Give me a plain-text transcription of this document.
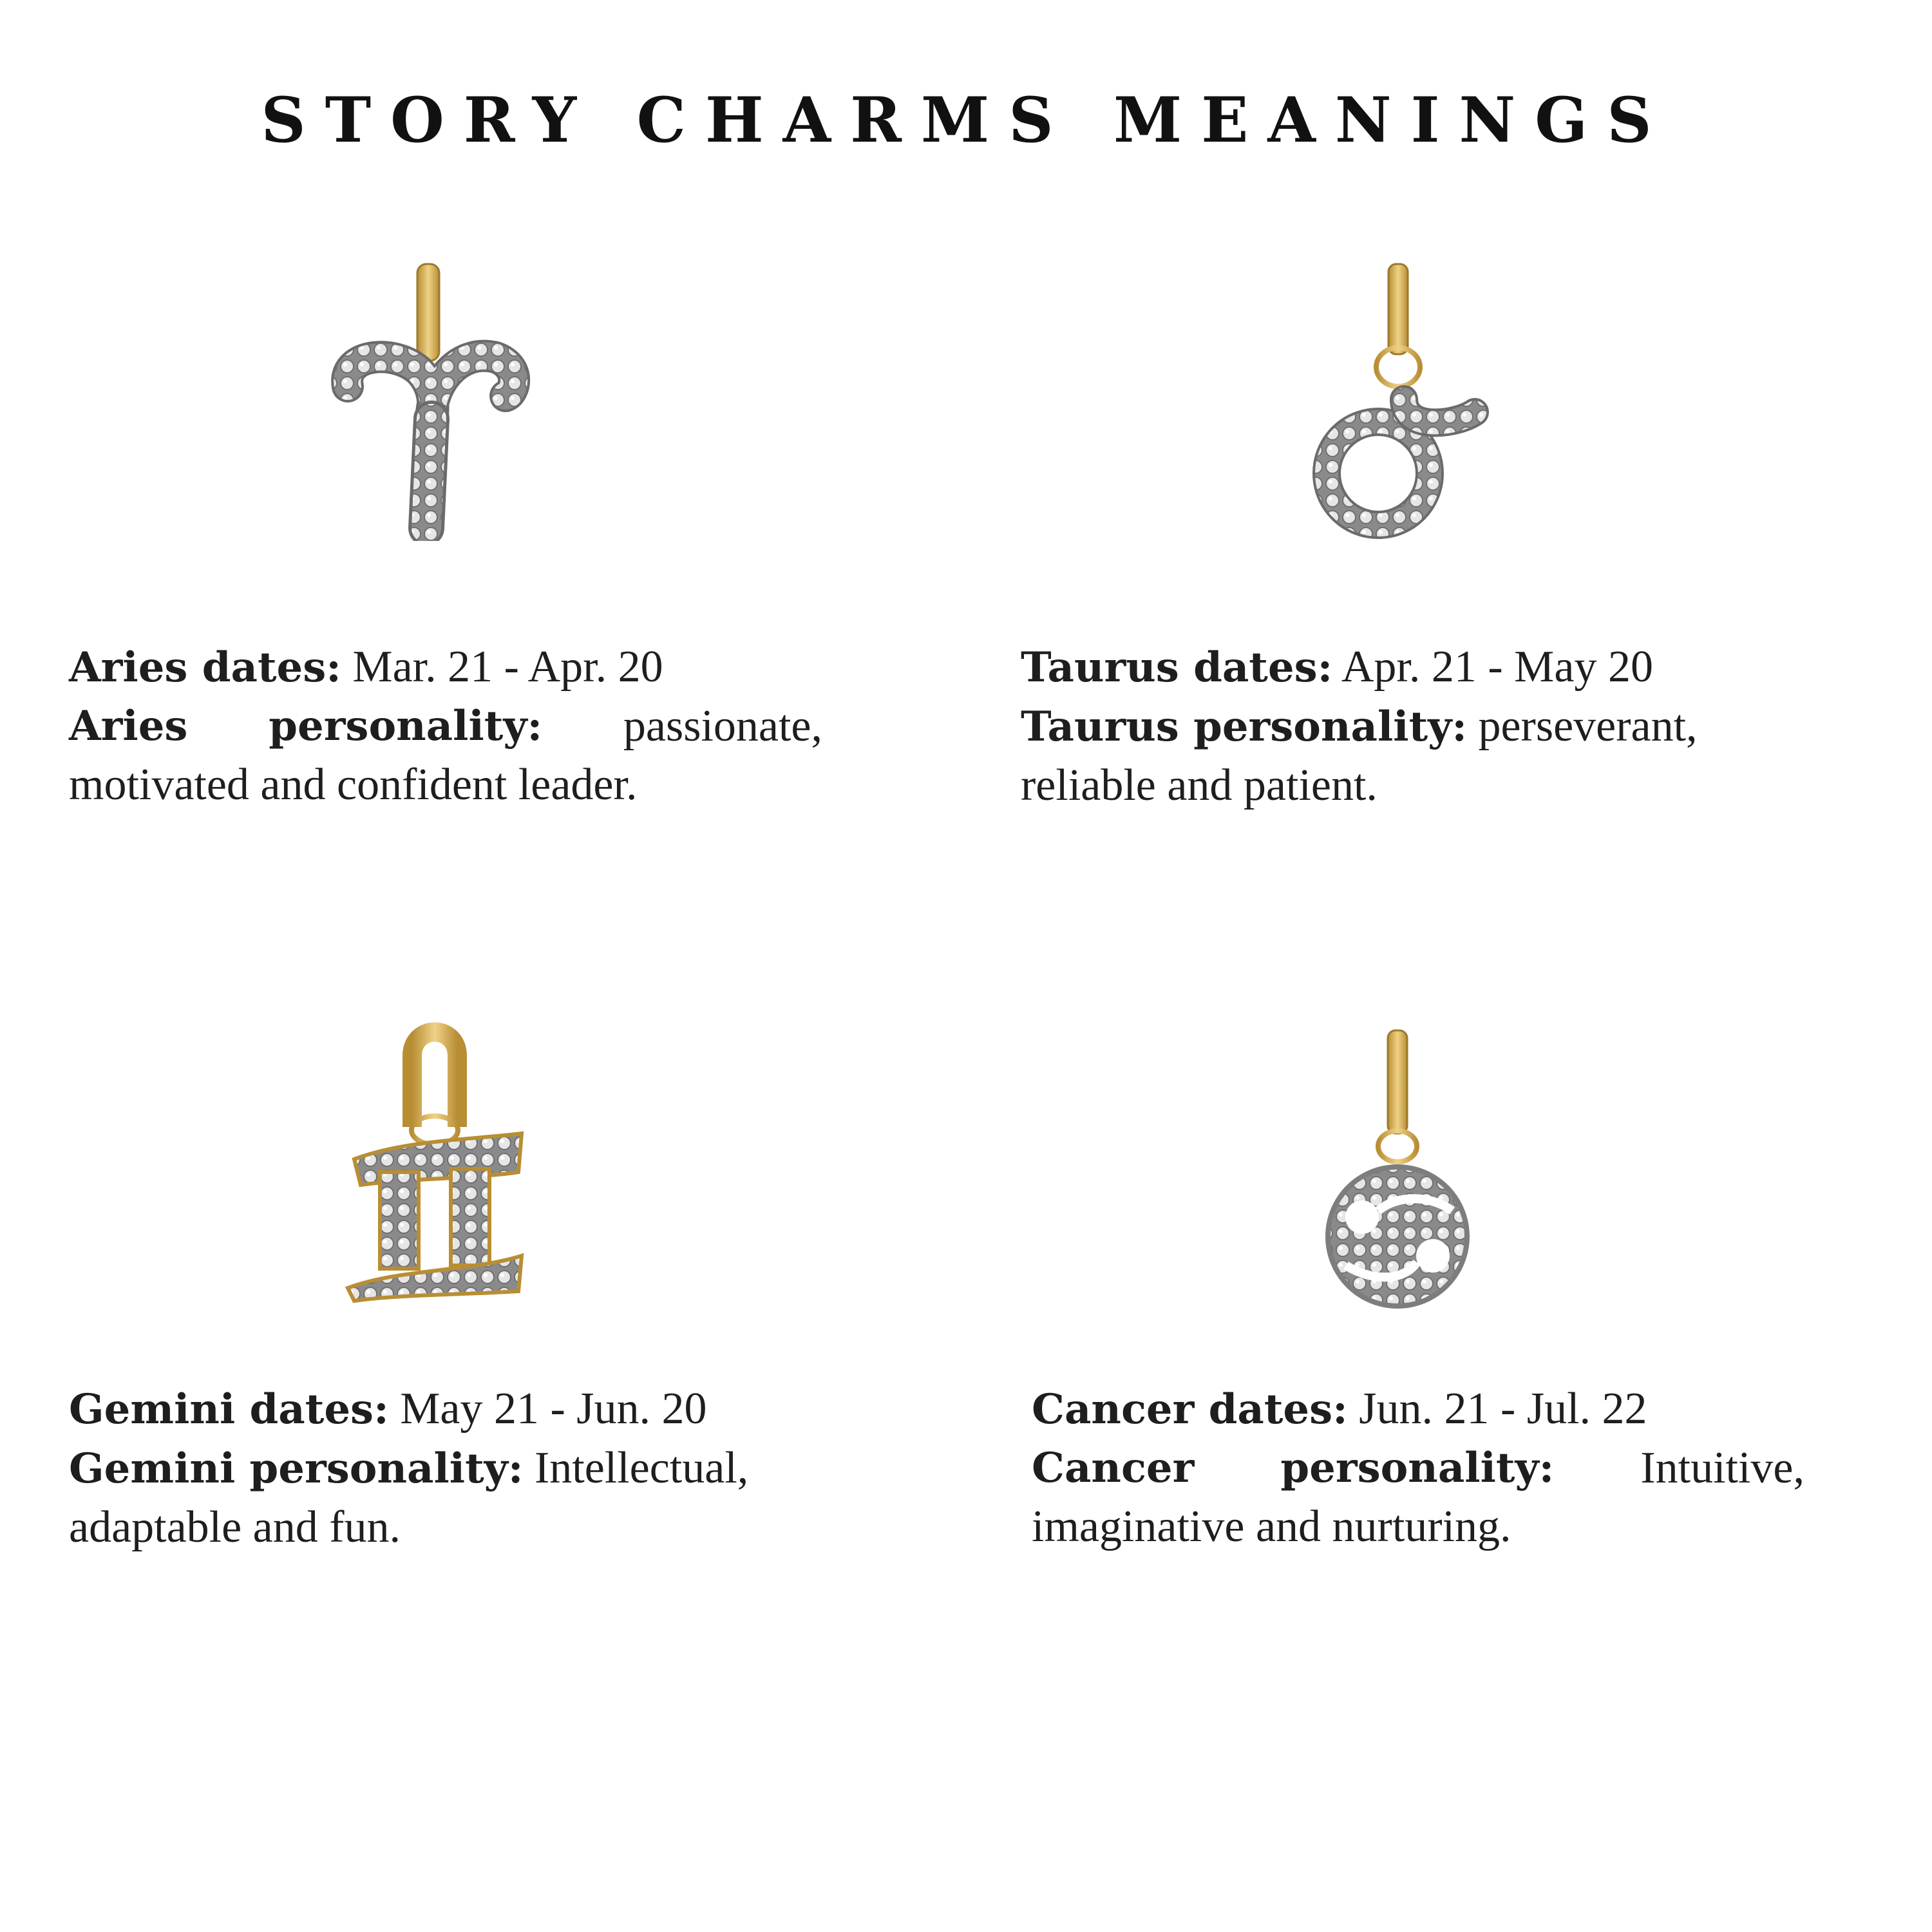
STORY CHARMS MEANINGS
Aries dates: Mar. 21 - Apr. 20
Aries personality: passionate,
motivated and confident leader.
Taurus dates: Apr. 21 - May 20
Taurus personality: perseverant,
reliable and patient.
Gemini dates: May 21 - Jun. 20
Gemini personality: Intellectual,
adaptable and fun.
Cancer dates: Jun. 21 - Jul. 22
Cancer personality: Intuitive,
imaginative and nurturing.
